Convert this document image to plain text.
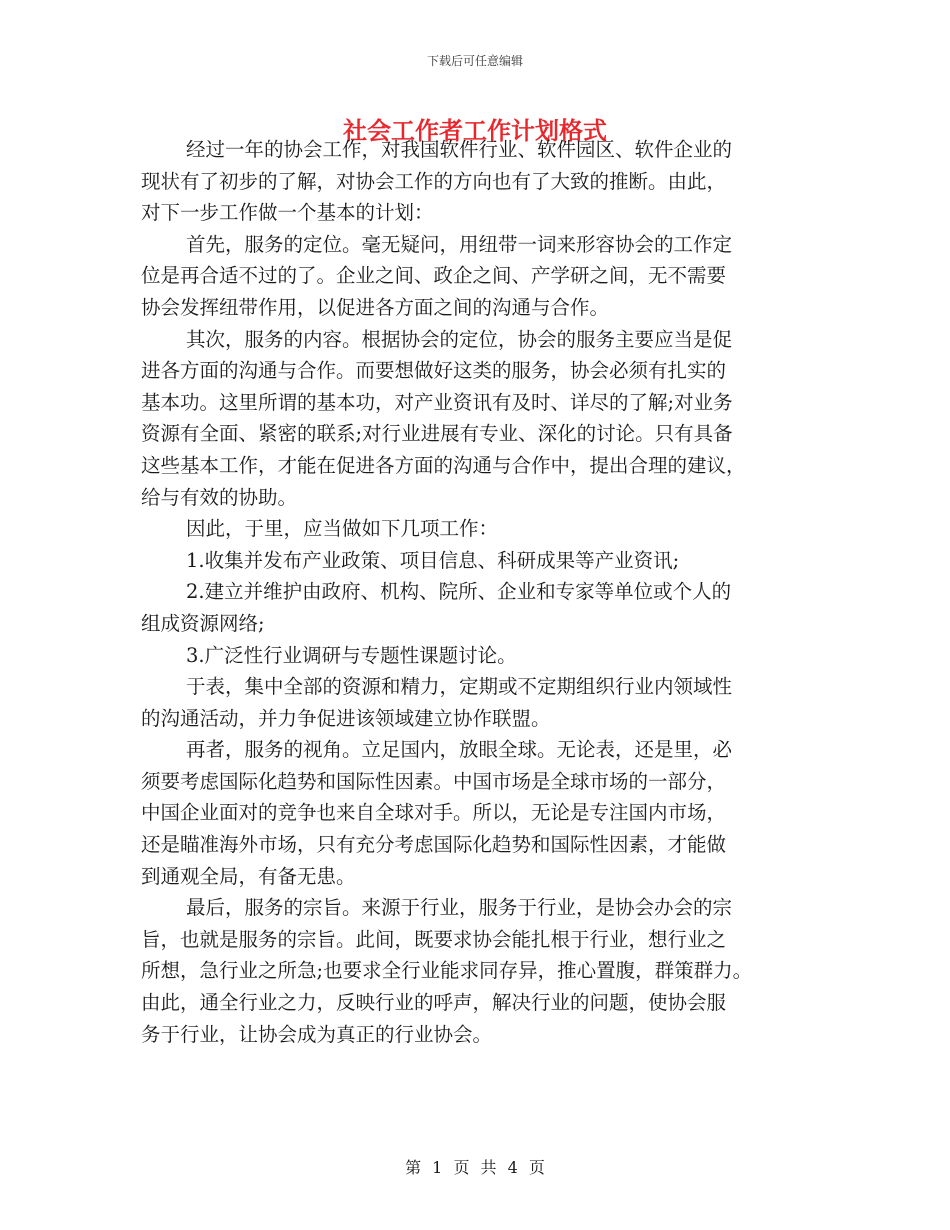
下载后可任意编辑
社会工作者工作计划格式
经过一年的协会工作，对我国软件行业、软件园区、软件企业的
现状有了初步的了解，对协会工作的方向也有了大致的推断。由此，
对下一步工作做一个基本的计划：
首先，服务的定位。毫无疑问，用纽带一词来形容协会的工作定
位是再合适不过的了。企业之间、政企之间、产学研之间，无不需要
协会发挥纽带作用，以促进各方面之间的沟通与合作。
其次，服务的内容。根据协会的定位，协会的服务主要应当是促
进各方面的沟通与合作。而要想做好这类的服务，协会必须有扎实的
基本功。这里所谓的基本功，对产业资讯有及时、详尽的了解;对业务
资源有全面、紧密的联系;对行业进展有专业、深化的讨论。只有具备
这些基本工作，才能在促进各方面的沟通与合作中，提出合理的建议，
给与有效的协助。
因此，于里，应当做如下几项工作：
1.收集并发布产业政策、项目信息、科研成果等产业资讯;
2.建立并维护由政府、机构、院所、企业和专家等单位或个人的
组成资源网络;
3.广泛性行业调研与专题性课题讨论。
于表，集中全部的资源和精力，定期或不定期组织行业内领域性
的沟通活动，并力争促进该领域建立协作联盟。
再者，服务的视角。立足国内，放眼全球。无论表，还是里，必
须要考虑国际化趋势和国际性因素。中国市场是全球市场的一部分，
中国企业面对的竞争也来自全球对手。所以，无论是专注国内市场，
还是瞄准海外市场，只有充分考虑国际化趋势和国际性因素，才能做
到通观全局，有备无患。
最后，服务的宗旨。来源于行业，服务于行业，是协会办会的宗
旨，也就是服务的宗旨。此间，既要求协会能扎根于行业，想行业之
所想，急行业之所急;也要求全行业能求同存异，推心置腹，群策群力。
由此，通全行业之力，反映行业的呼声，解决行业的问题，使协会服
务于行业，让协会成为真正的行业协会。
第 1 页 共 4 页
